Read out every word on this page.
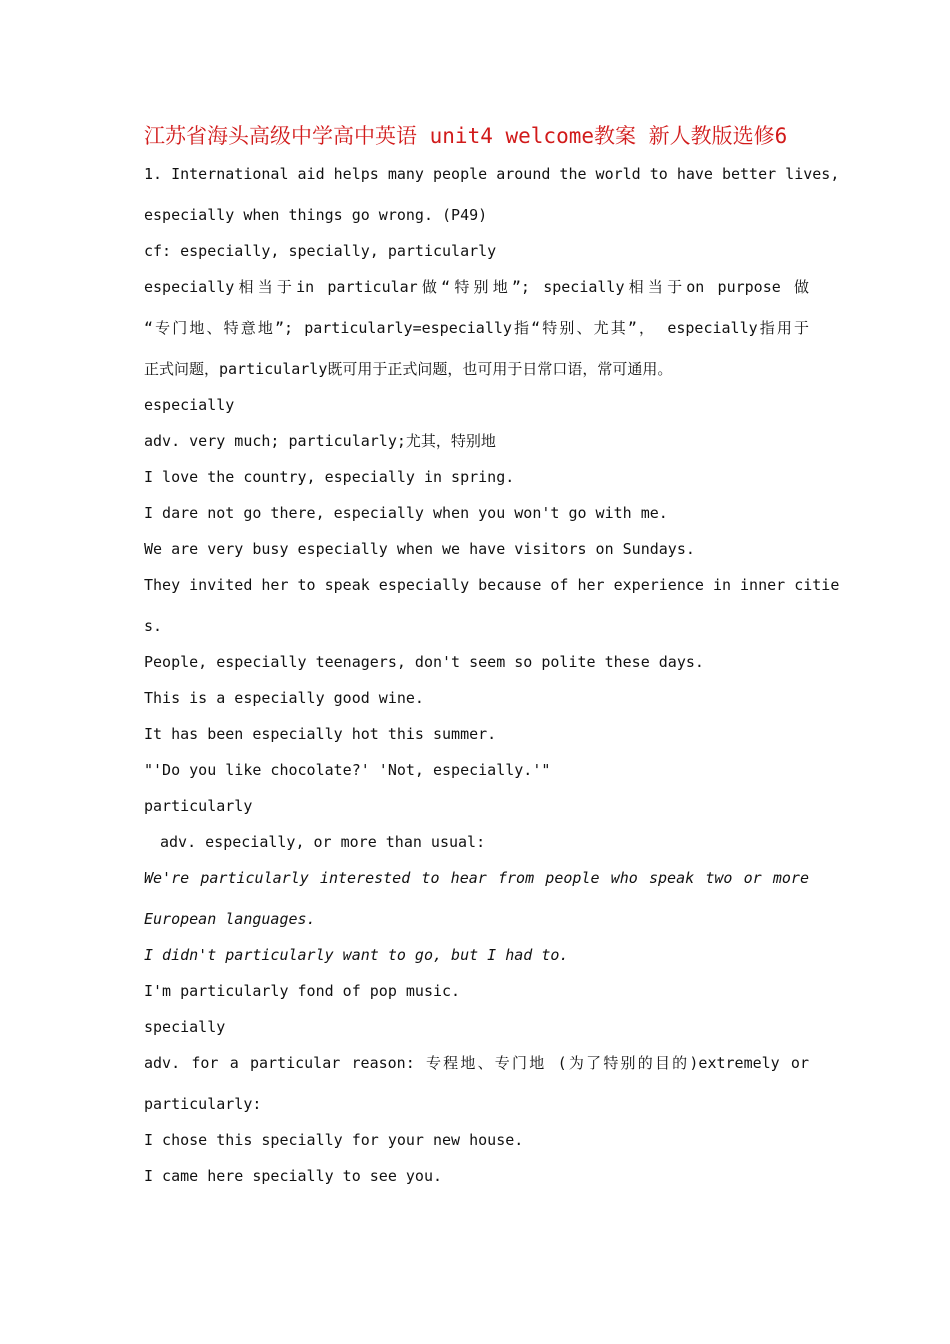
江苏省海头高级中学高中英语 unit4 welcome教案 新人教版选修6
1. International aid helps many people around the world to have better lives,
especially when things go wrong. (P49)
cf: especially, specially, particularly
especially相当于in particular做“特别地”; specially相当于on purpose 做
“专门地、特意地”; particularly=especially指“特别、尤其”， especially指用于
正式问题，particularly既可用于正式问题，也可用于日常口语，常可通用。
especially
adv. very much; particularly;尤其，特别地
I love the country, especially in spring.
I dare not go there, especially when you won't go with me.
We are very busy especially when we have visitors on Sundays.
They invited her to speak especially because of her experience in inner citie
s.
People, especially teenagers, don't seem so polite these days.
This is a especially good wine.
It has been especially hot this summer.
"'Do you like chocolate?' 'Not, especially.'"
particularly
adv. especially, or more than usual:
We're particularly interested to hear from people who speak two or more
European languages.
I didn't particularly want to go, but I had to.
I'm particularly fond of pop music.
specially
adv. for a particular reason: 专程地、专门地 (为了特别的目的)extremely or
particularly:
I chose this specially for your new house.
I came here specially to see you.
